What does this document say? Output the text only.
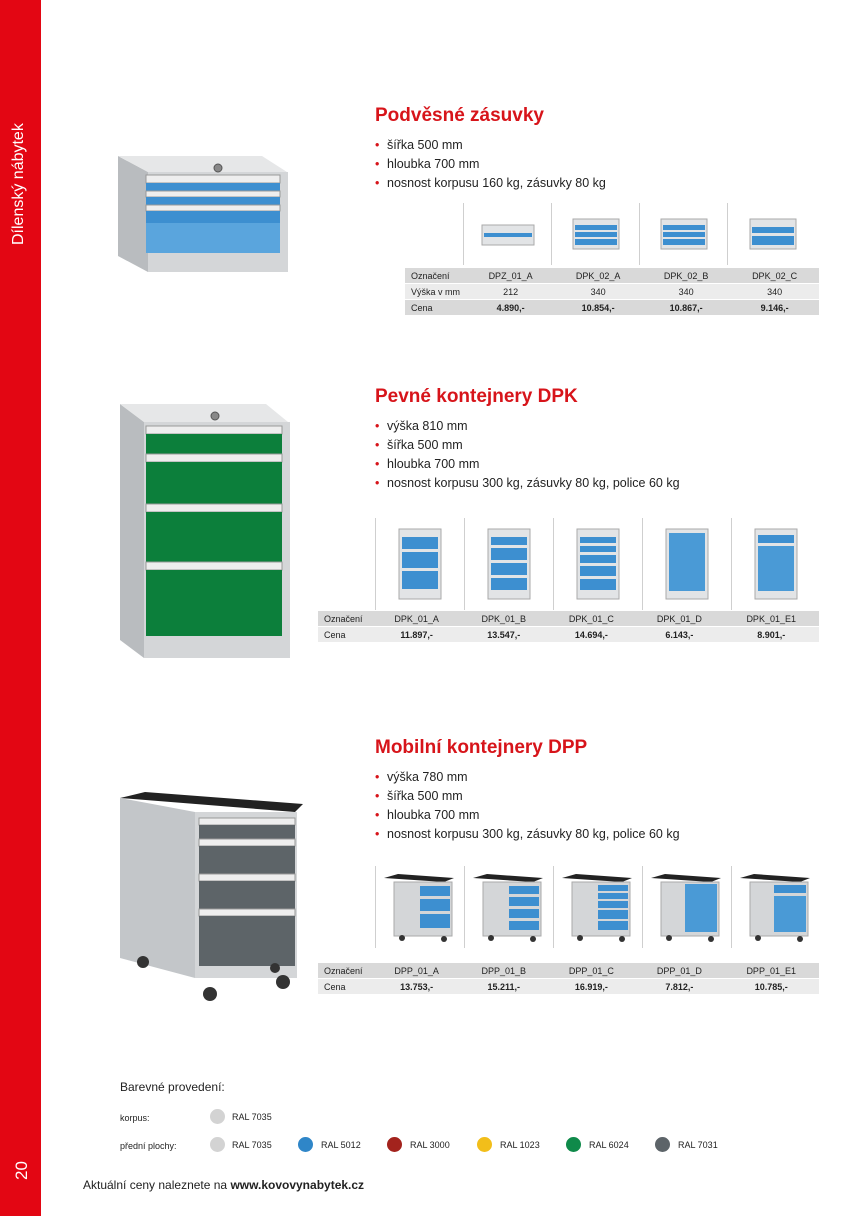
Dílenský nábytek
20
Podvěsné zásuvky
• šířka 500 mm
• hloubka 700 mm
• nosnost korpusu 160 kg, zásuvky 80 kg
Označení	DPZ_01_A	DPK_02_A	DPK_02_B	DPK_02_C
Výška v mm	212	340	340	340
Cena	4.890,-	10.854,-	10.867,-	9.146,-
Pevné kontejnery DPK
• výška 810 mm
• šířka 500 mm
• hloubka 700 mm
• nosnost korpusu 300 kg, zásuvky 80 kg, police 60 kg
Označení	DPK_01_A	DPK_01_B	DPK_01_C	DPK_01_D	DPK_01_E1
Cena	11.897,-	13.547,-	14.694,-	6.143,-	8.901,-
Mobilní kontejnery DPP
• výška 780 mm
• šířka 500 mm
• hloubka 700 mm
• nosnost korpusu 300 kg, zásuvky 80 kg, police 60 kg
Označení	DPP_01_A	DPP_01_B	DPP_01_C	DPP_01_D	DPP_01_E1
Cena	13.753,-	15.211,-	16.919,-	7.812,-	10.785,-
Barevné provedení:
korpus:	RAL 7035
přední plochy:	RAL 7035	RAL 5012	RAL 3000	RAL 1023	RAL 6024	RAL 7031
Aktuální ceny naleznete na www.kovovynabytek.cz
